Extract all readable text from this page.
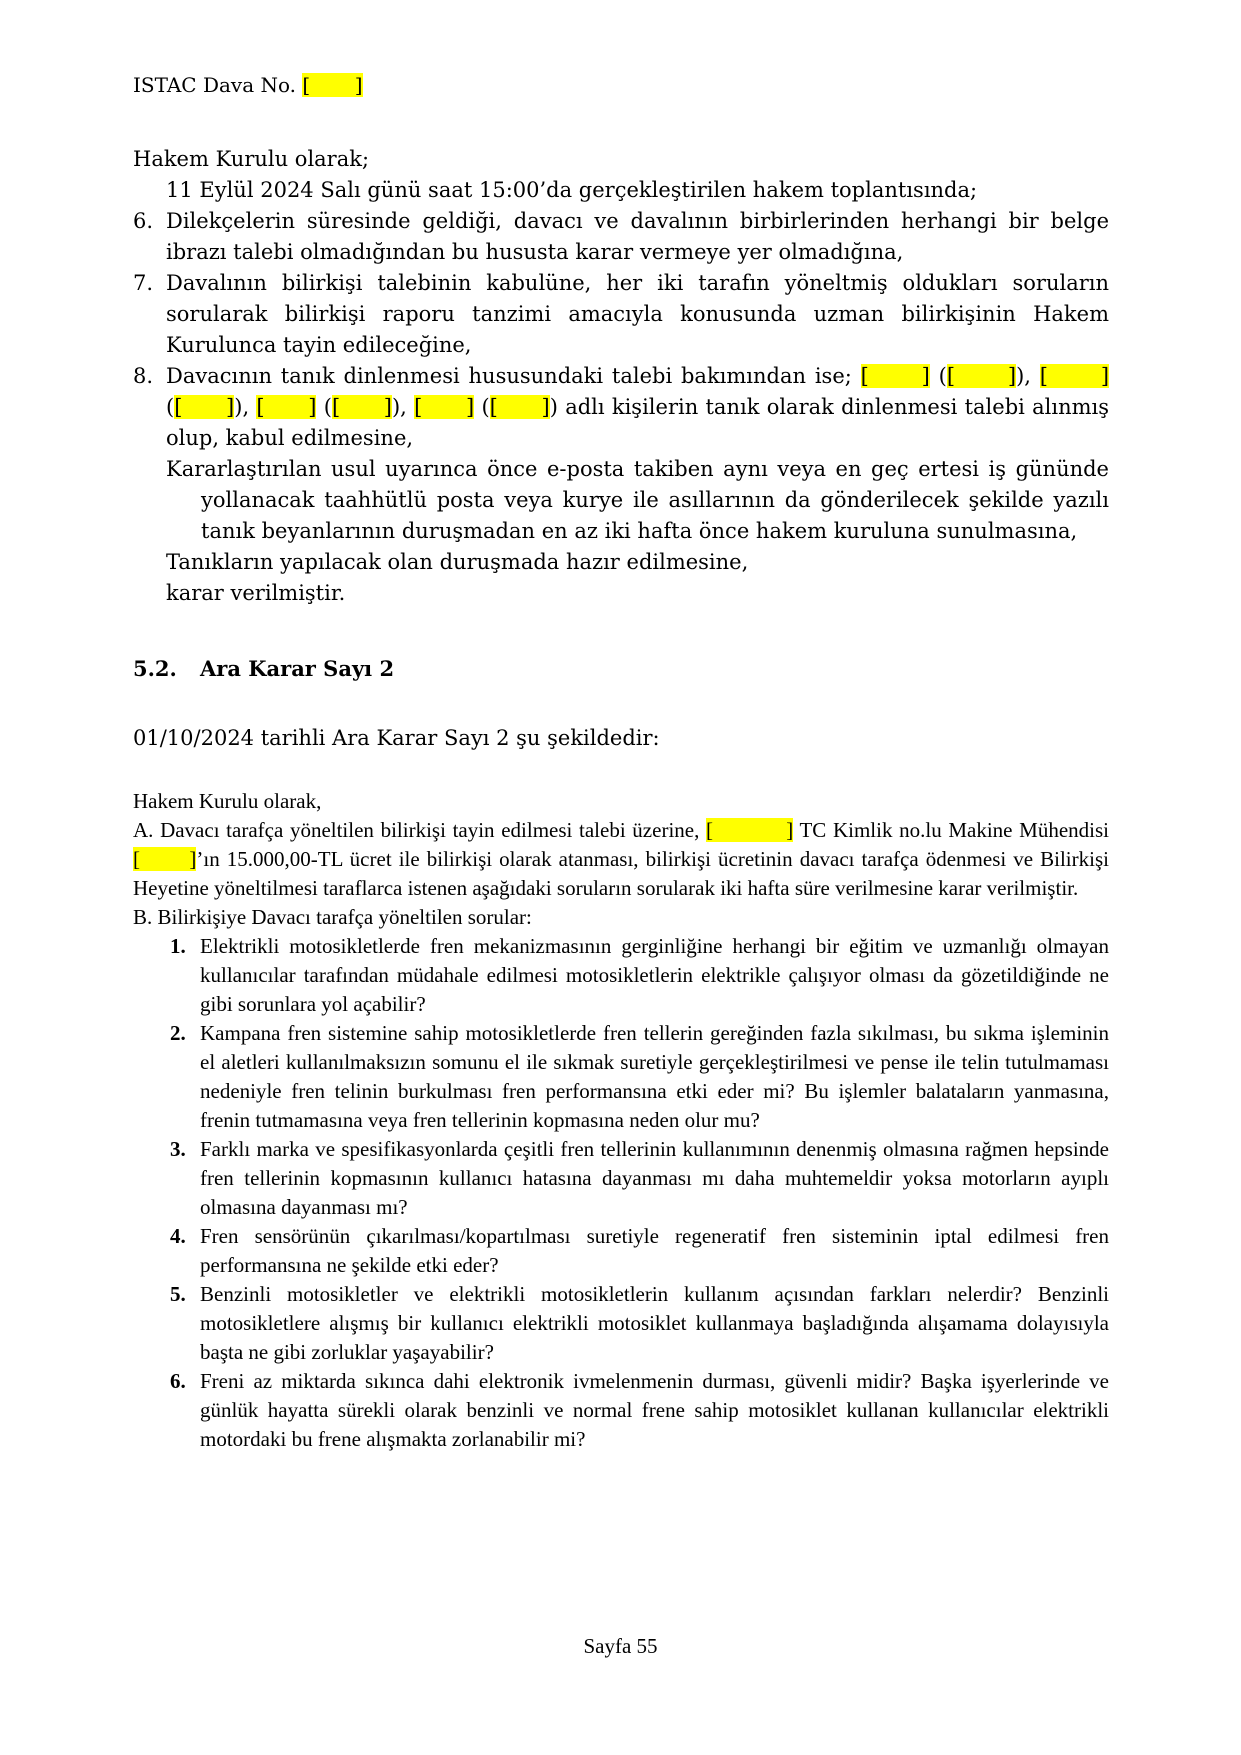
ISTAC Dava No. [       ]
Hakem Kurulu olarak;
11 Eylül 2024 Salı günü saat 15:00’da gerçekleştirilen hakem toplantısında;
6. Dilekçelerin süresinde geldiği, davacı ve davalının birbirlerinden herhangi bir belge ibrazı talebi olmadığından bu hususta karar vermeye yer olmadığına,
7. Davalının bilirkişi talebinin kabulüne, her iki tarafın yöneltmiş oldukları soruların sorularak bilirkişi raporu tanzimi amacıyla konusunda uzman bilirkişinin Hakem Kurulunca tayin edileceğine,
8. Davacının tanık dinlenmesi hususundaki talebi bakımından ise; [      ] ([      ]), [      ] ([      ]), [      ] ([      ]), [      ] ([      ]) adlı kişilerin tanık olarak dinlenmesi talebi alınmış olup, kabul edilmesine,
Kararlaştırılan usul uyarınca önce e-posta takiben aynı veya en geç ertesi iş gününde yollanacak taahhütlü posta veya kurye ile asıllarının da gönderilecek şekilde yazılı tanık beyanlarının duruşmadan en az iki hafta önce hakem kuruluna sunulmasına,
Tanıkların yapılacak olan duruşmada hazır edilmesine,
karar verilmiştir.
5.2.	Ara Karar Sayı 2
01/10/2024 tarihli Ara Karar Sayı 2 şu şekildedir:
Hakem Kurulu olarak,
A. Davacı tarafça yöneltilen bilirkişi tayin edilmesi talebi üzerine, [           ] TC Kimlik no.lu Makine Mühendisi [       ]’ın 15.000,00-TL ücret ile bilirkişi olarak atanması, bilirkişi ücretinin davacı tarafça ödenmesi ve Bilirkişi Heyetine yöneltilmesi taraflarca istenen aşağıdaki soruların sorularak iki hafta süre verilmesine karar verilmiştir.
B. Bilirkişiye Davacı tarafça yöneltilen sorular:
1. Elektrikli motosikletlerde fren mekanizmasının gerginliğine herhangi bir eğitim ve uzmanlığı olmayan kullanıcılar tarafından müdahale edilmesi motosikletlerin elektrikle çalışıyor olması da gözetildiğinde ne gibi sorunlara yol açabilir?
2. Kampana fren sistemine sahip motosikletlerde fren tellerin gereğinden fazla sıkılması, bu sıkma işleminin el aletleri kullanılmaksızın somunu el ile sıkmak suretiyle gerçekleştirilmesi ve pense ile telin tutulmaması nedeniyle fren telinin burkulması fren performansına etki eder mi? Bu işlemler balataların yanmasına, frenin tutmamasına veya fren tellerinin kopmasına neden olur mu?
3. Farklı marka ve spesifikasyonlarda çeşitli fren tellerinin kullanımının denenmiş olmasına rağmen hepsinde fren tellerinin kopmasının kullanıcı hatasına dayanması mı daha muhtemeldir yoksa motorların ayıplı olmasına dayanması mı?
4. Fren sensörünün çıkarılması/kopartılması suretiyle regeneratif fren sisteminin iptal edilmesi fren performansına ne şekilde etki eder?
5. Benzinli motosikletler ve elektrikli motosikletlerin kullanım açısından farkları nelerdir? Benzinli motosikletlere alışmış bir kullanıcı elektrikli motosiklet kullanmaya başladığında alışamama dolayısıyla başta ne gibi zorluklar yaşayabilir?
6. Freni az miktarda sıkınca dahi elektronik ivmelenmenin durması, güvenli midir? Başka işyerlerinde ve günlük hayatta sürekli olarak benzinli ve normal frene sahip motosiklet kullanan kullanıcılar elektrikli motordaki bu frene alışmakta zorlanabilir mi?
Sayfa 55
